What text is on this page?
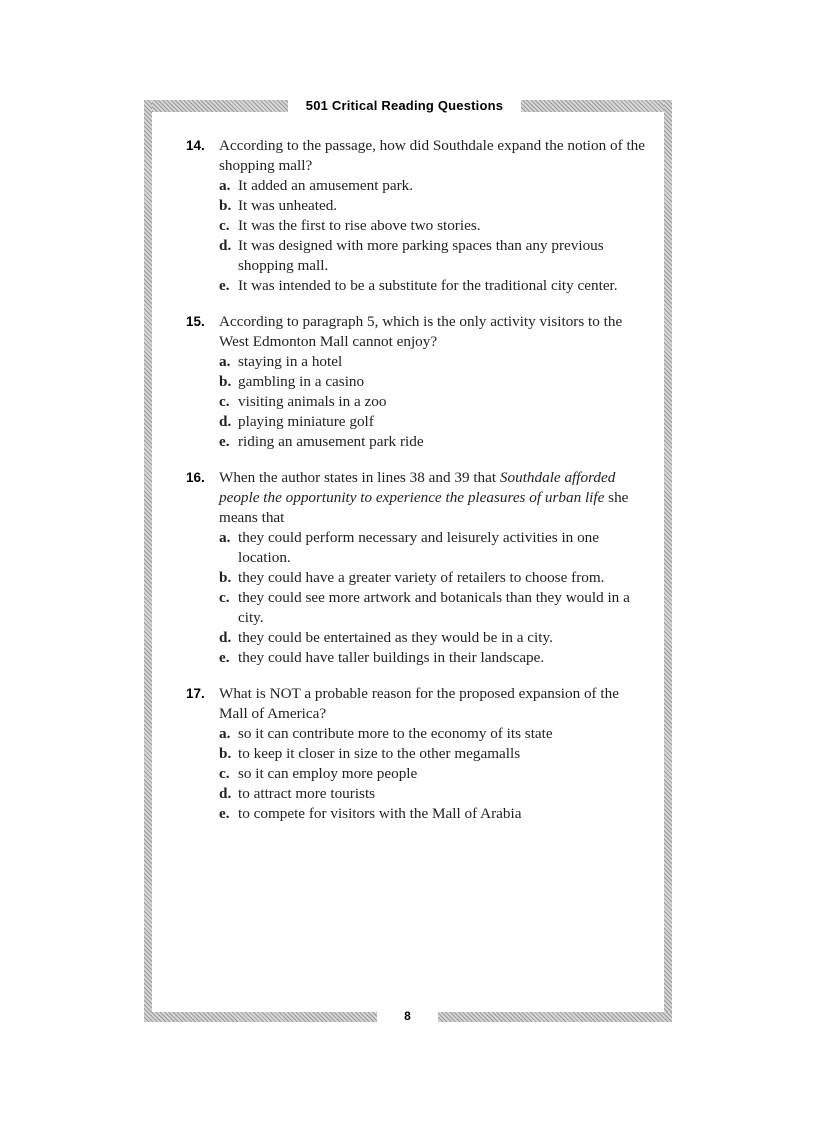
501 Critical Reading Questions
14. According to the passage, how did Southdale expand the notion of the shopping mall?
a. It added an amusement park.
b. It was unheated.
c. It was the first to rise above two stories.
d. It was designed with more parking spaces than any previous shopping mall.
e. It was intended to be a substitute for the traditional city center.
15. According to paragraph 5, which is the only activity visitors to the West Edmonton Mall cannot enjoy?
a. staying in a hotel
b. gambling in a casino
c. visiting animals in a zoo
d. playing miniature golf
e. riding an amusement park ride
16. When the author states in lines 38 and 39 that Southdale afforded people the opportunity to experience the pleasures of urban life she means that
a. they could perform necessary and leisurely activities in one location.
b. they could have a greater variety of retailers to choose from.
c. they could see more artwork and botanicals than they would in a city.
d. they could be entertained as they would be in a city.
e. they could have taller buildings in their landscape.
17. What is NOT a probable reason for the proposed expansion of the Mall of America?
a. so it can contribute more to the economy of its state
b. to keep it closer in size to the other megamalls
c. so it can employ more people
d. to attract more tourists
e. to compete for visitors with the Mall of Arabia
8
